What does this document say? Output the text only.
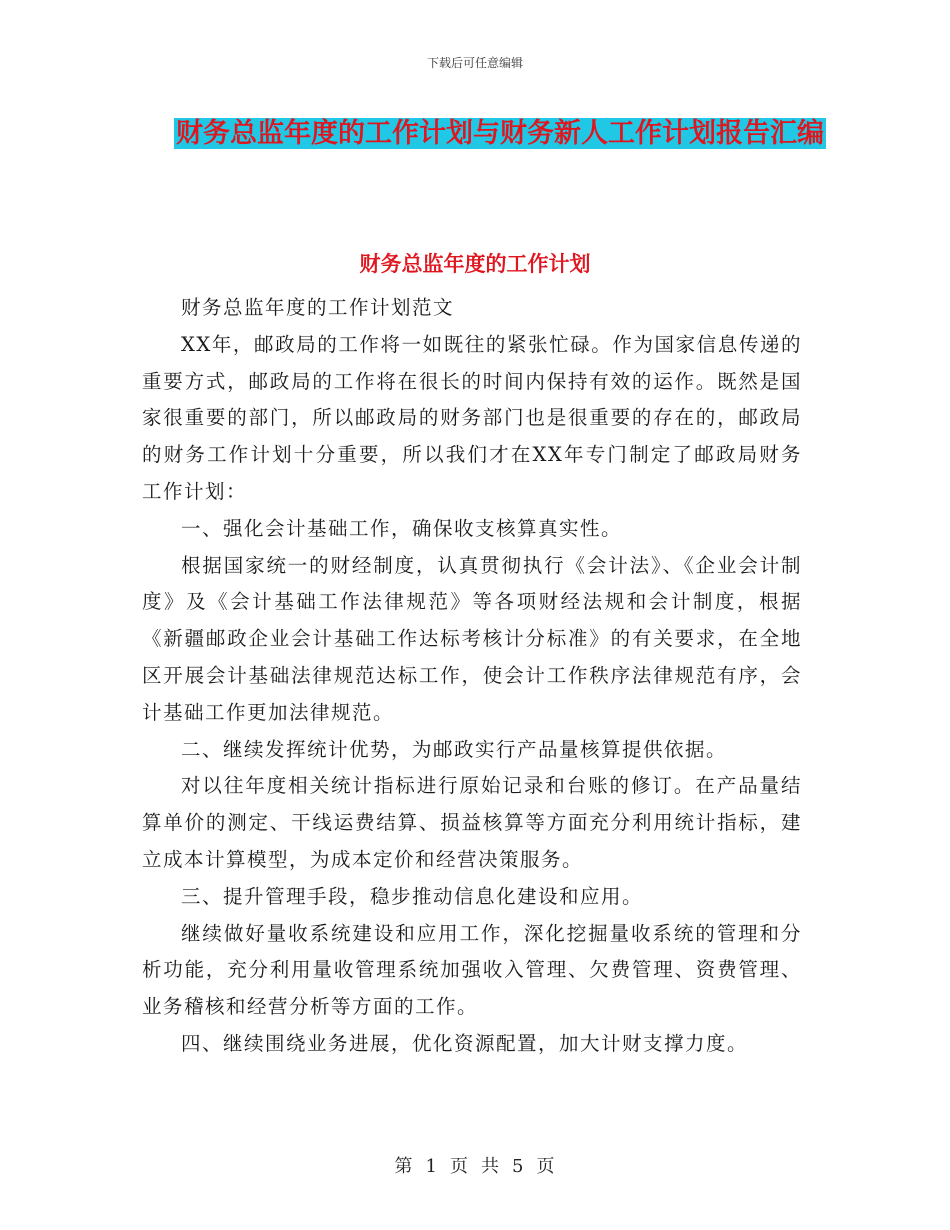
下载后可任意编辑
财务总监年度的工作计划与财务新人工作计划报告汇编
财务总监年度的工作计划

财务总监年度的工作计划范文

XX年，邮政局的工作将一如既往的紧张忙碌。作为国家信息传递的重要方式，邮政局的工作将在很长的时间内保持有效的运作。既然是国家很重要的部门，所以邮政局的财务部门也是很重要的存在的，邮政局的财务工作计划十分重要，所以我们才在XX年专门制定了邮政局财务工作计划：

一、强化会计基础工作，确保收支核算真实性。

根据国家统一的财经制度，认真贯彻执行《会计法》、《企业会计制度》及《会计基础工作法律规范》等各项财经法规和会计制度，根据《新疆邮政企业会计基础工作达标考核计分标准》的有关要求，在全地区开展会计基础法律规范达标工作，使会计工作秩序法律规范有序，会计基础工作更加法律规范。

二、继续发挥统计优势，为邮政实行产品量核算提供依据。

对以往年度相关统计指标进行原始记录和台账的修订。在产品量结算单价的测定、干线运费结算、损益核算等方面充分利用统计指标，建立成本计算模型，为成本定价和经营决策服务。

三、提升管理手段，稳步推动信息化建设和应用。

继续做好量收系统建设和应用工作，深化挖掘量收系统的管理和分析功能，充分利用量收管理系统加强收入管理、欠费管理、资费管理、业务稽核和经营分析等方面的工作。

四、继续围绕业务进展，优化资源配置，加大计财支撑力度。

第 1 页 共 5 页
